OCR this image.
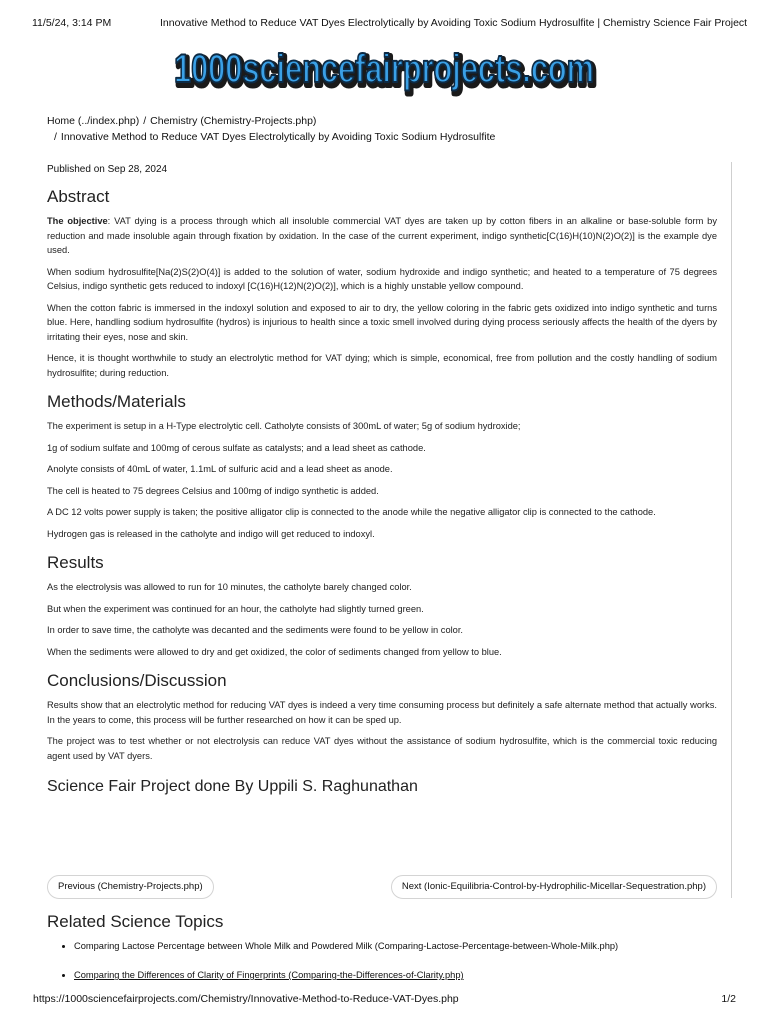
11/5/24, 3:14 PM	Innovative Method to Reduce VAT Dyes Electrolytically by Avoiding Toxic Sodium Hydrosulfite | Chemistry Science Fair Project
1000sciencefairprojects.com
1000sciencefairprojects.com
Home (../index.php) / Chemistry (Chemistry-Projects.php)
/ Innovative Method to Reduce VAT Dyes Electrolytically by Avoiding Toxic Sodium Hydrosulfite
Published on Sep 28, 2024
Abstract

The objective: VAT dying is a process through which all insoluble commercial VAT dyes are taken up by cotton fibers in an alkaline or base-soluble form by reduction and made insoluble again through fixation by oxidation. In the case of the current experiment, indigo synthetic[C(16)H(10)N(2)O(2)] is the example dye used.

When sodium hydrosulfite[Na(2)S(2)O(4)] is added to the solution of water, sodium hydroxide and indigo synthetic; and heated to a temperature of 75 degrees Celsius, indigo synthetic gets reduced to indoxyl [C(16)H(12)N(2)O(2)], which is a highly unstable yellow compound.

When the cotton fabric is immersed in the indoxyl solution and exposed to air to dry, the yellow coloring in the fabric gets oxidized into indigo synthetic and turns blue. Here, handling sodium hydrosulfite (hydros) is injurious to health since a toxic smell involved during dying process seriously affects the health of the dyers by irritating their eyes, nose and skin.

Hence, it is thought worthwhile to study an electrolytic method for VAT dying; which is simple, economical, free from pollution and the costly handling of sodium hydrosulfite; during reduction.

Methods/Materials

The experiment is setup in a H-Type electrolytic cell. Catholyte consists of 300mL of water; 5g of sodium hydroxide;

1g of sodium sulfate and 100mg of cerous sulfate as catalysts; and a lead sheet as cathode.

Anolyte consists of 40mL of water, 1.1mL of sulfuric acid and a lead sheet as anode.

The cell is heated to 75 degrees Celsius and 100mg of indigo synthetic is added.

A DC 12 volts power supply is taken; the positive alligator clip is connected to the anode while the negative alligator clip is connected to the cathode.

Hydrogen gas is released in the catholyte and indigo will get reduced to indoxyl.

Results

As the electrolysis was allowed to run for 10 minutes, the catholyte barely changed color.

But when the experiment was continued for an hour, the catholyte had slightly turned green.

In order to save time, the catholyte was decanted and the sediments were found to be yellow in color.

When the sediments were allowed to dry and get oxidized, the color of sediments changed from yellow to blue.

Conclusions/Discussion

Results show that an electrolytic method for reducing VAT dyes is indeed a very time consuming process but definitely a safe alternate method that actually works. In the years to come, this process will be further researched on how it can be sped up.

The project was to test whether or not electrolysis can reduce VAT dyes without the assistance of sodium hydrosulfite, which is the commercial toxic reducing agent used by VAT dyers.

Science Fair Project done By Uppili S. Raghunathan
Previous (Chemistry-Projects.php)	Next (Ionic-Equilibria-Control-by-Hydrophilic-Micellar-Sequestration.php)
Related Science Topics
• Comparing Lactose Percentage between Whole Milk and Powdered Milk (Comparing-Lactose-Percentage-between-Whole-Milk.php)
• Comparing the Differences of Clarity of Fingerprints (Comparing-the-Differences-of-Clarity.php)
https://1000sciencefairprojects.com/Chemistry/Innovative-Method-to-Reduce-VAT-Dyes.php	1/2
